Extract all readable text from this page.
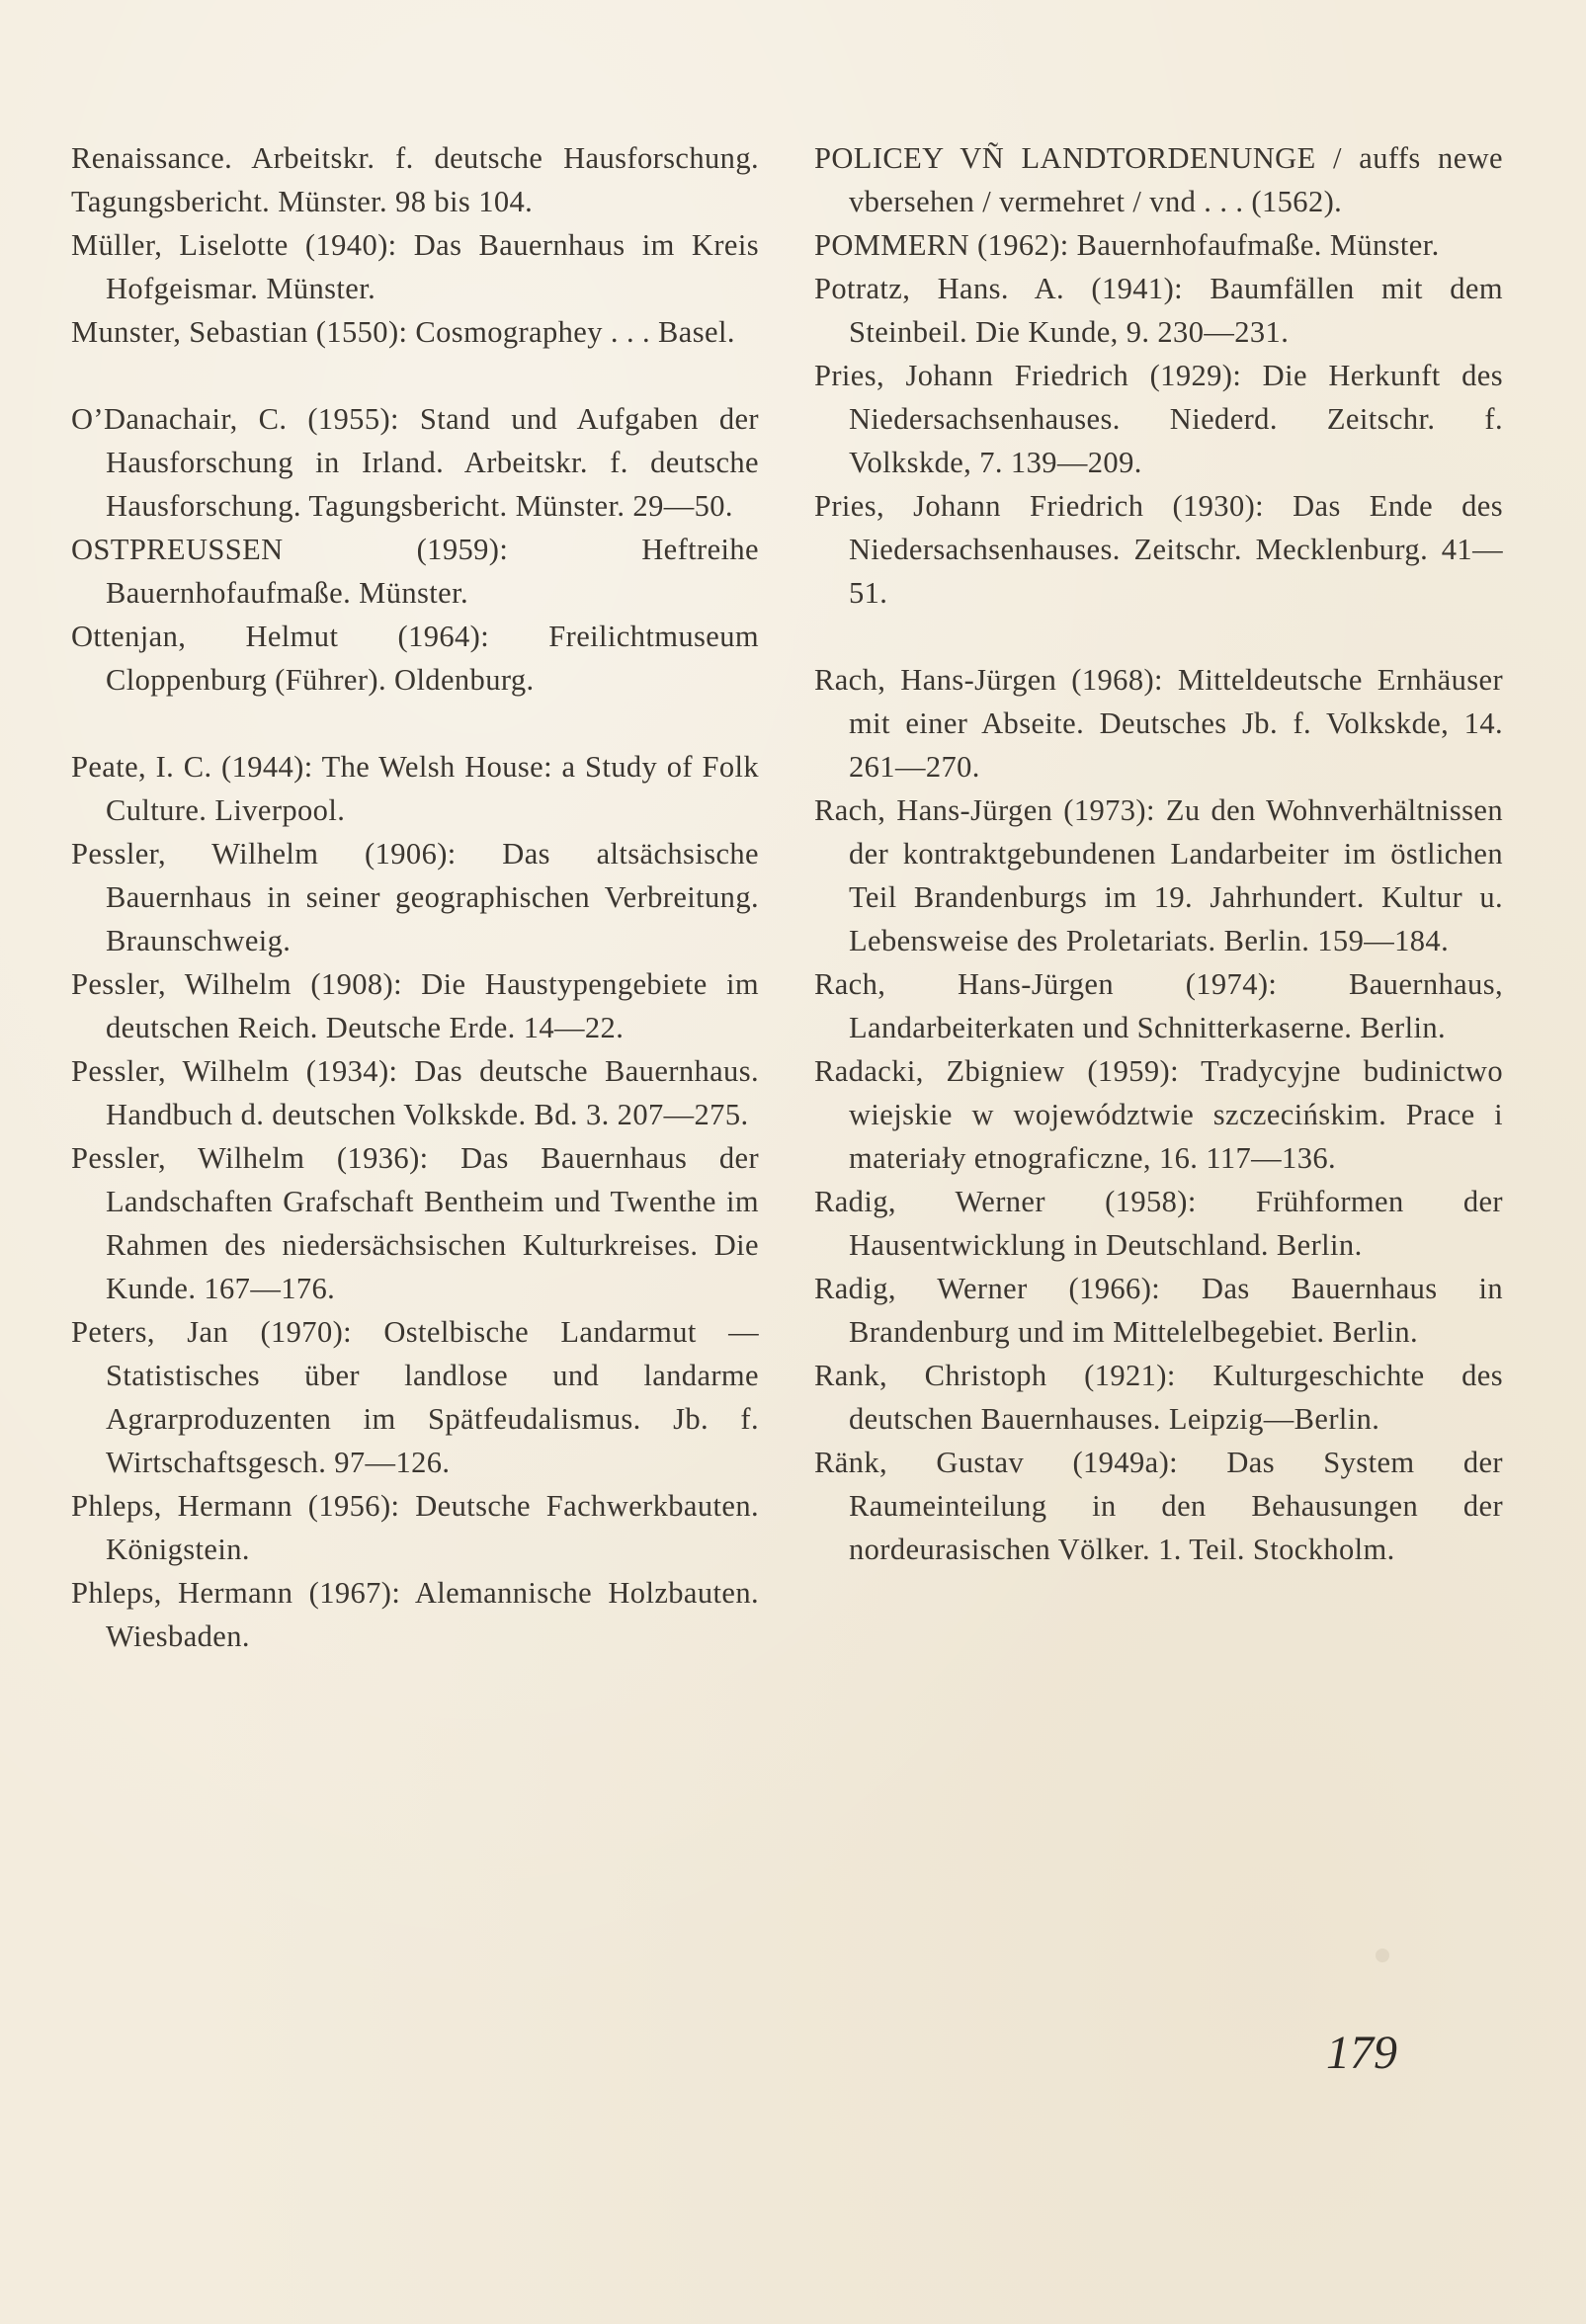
Renaissance. Arbeitskr. f. deutsche Hausforschung. Tagungsbericht. Münster. 98 bis 104.

Müller, Liselotte (1940): Das Bauernhaus im Kreis Hofgeismar. Münster.

Munster, Sebastian (1550): Cosmographey . . . Basel.

O’Danachair, C. (1955): Stand und Aufgaben der Hausforschung in Irland. Arbeitskr. f. deutsche Hausforschung. Tagungsbericht. Münster. 29—50.

OSTPREUSSEN (1959): Heftreihe Bauernhofaufmaße. Münster.

Ottenjan, Helmut (1964): Freilichtmuseum Cloppenburg (Führer). Oldenburg.

Peate, I. C. (1944): The Welsh House: a Study of Folk Culture. Liverpool.

Pessler, Wilhelm (1906): Das altsächsische Bauernhaus in seiner geographischen Verbreitung. Braunschweig.

Pessler, Wilhelm (1908): Die Haustypengebiete im deutschen Reich. Deutsche Erde. 14—22.

Pessler, Wilhelm (1934): Das deutsche Bauernhaus. Handbuch d. deutschen Volkskde. Bd. 3. 207—275.

Pessler, Wilhelm (1936): Das Bauernhaus der Landschaften Grafschaft Bentheim und Twenthe im Rahmen des niedersächsischen Kulturkreises. Die Kunde. 167—176.

Peters, Jan (1970): Ostelbische Landarmut — Statistisches über landlose und landarme Agrarproduzenten im Spätfeudalismus. Jb. f. Wirtschaftsgesch. 97—126.

Phleps, Hermann (1956): Deutsche Fachwerkbauten. Königstein.

Phleps, Hermann (1967): Alemannische Holzbauten. Wiesbaden.

POLICEY VÑ LANDTORDENUNGE / auffs newe vbersehen / vermehret / vnd . . . (1562).

POMMERN (1962): Bauernhofaufmaße. Münster.

Potratz, Hans. A. (1941): Baumfällen mit dem Steinbeil. Die Kunde, 9. 230—231.

Pries, Johann Friedrich (1929): Die Herkunft des Niedersachsenhauses. Niederd. Zeitschr. f. Volkskde, 7. 139—209.

Pries, Johann Friedrich (1930): Das Ende des Niedersachsenhauses. Zeitschr. Mecklenburg. 41—51.

Rach, Hans-Jürgen (1968): Mitteldeutsche Ernhäuser mit einer Abseite. Deutsches Jb. f. Volkskde, 14. 261—270.

Rach, Hans-Jürgen (1973): Zu den Wohnverhältnissen der kontraktgebundenen Landarbeiter im östlichen Teil Brandenburgs im 19. Jahrhundert. Kultur u. Lebensweise des Proletariats. Berlin. 159—184.

Rach, Hans-Jürgen (1974): Bauernhaus, Landarbeiterkaten und Schnitterkaserne. Berlin.

Radacki, Zbigniew (1959): Tradycyjne budinictwo wiejskie w województwie szczecińskim. Prace i materiały etnograficzne, 16. 117—136.

Radig, Werner (1958): Frühformen der Hausentwicklung in Deutschland. Berlin.

Radig, Werner (1966): Das Bauernhaus in Brandenburg und im Mittelelbegebiet. Berlin.

Rank, Christoph (1921): Kulturgeschichte des deutschen Bauernhauses. Leipzig—Berlin.

Ränk, Gustav (1949a): Das System der Raumeinteilung in den Behausungen der nordeurasischen Völker. 1. Teil. Stockholm.

179
